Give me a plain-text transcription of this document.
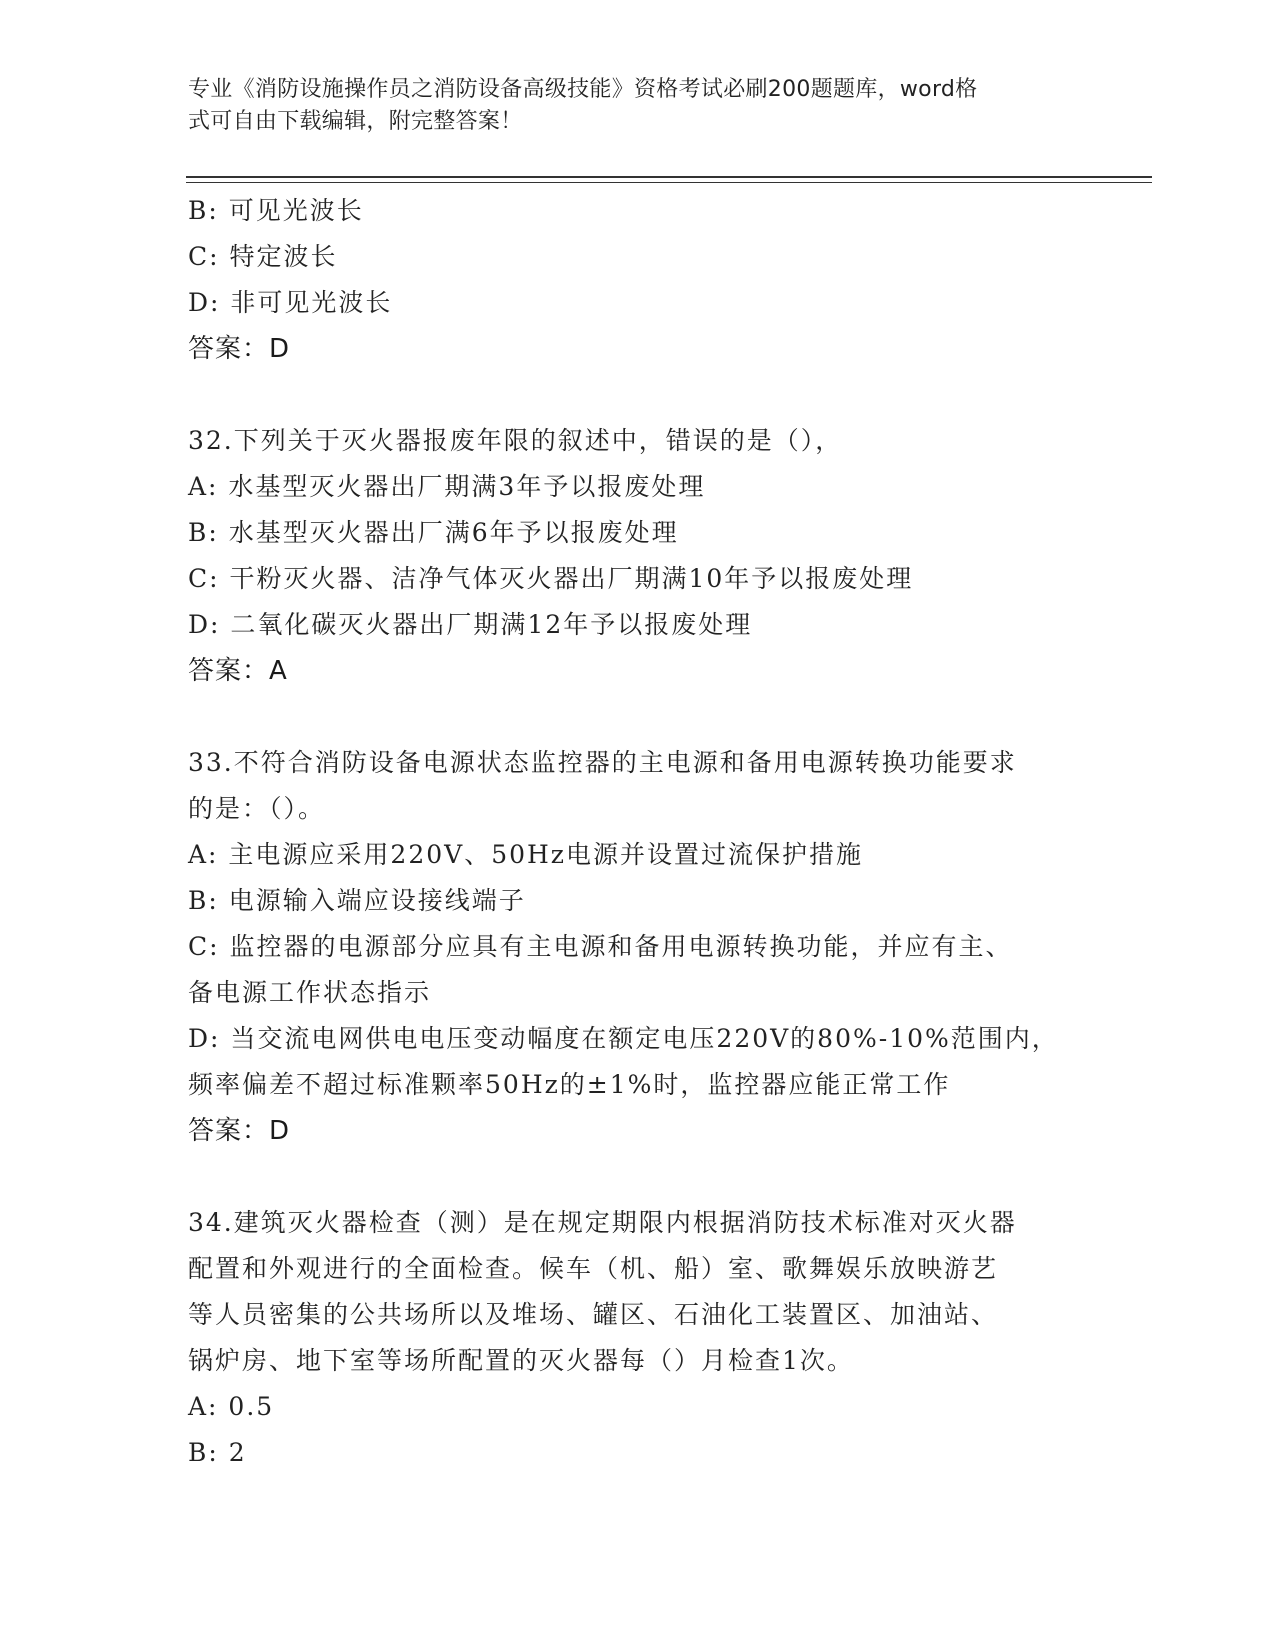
专业《消防设施操作员之消防设备高级技能》资格考试必刷200题题库，word格
式可自由下载编辑，附完整答案！
B: 可见光波长
C: 特定波长
D: 非可见光波长
答案：D
32.下列关于灭火器报废年限的叙述中，错误的是（），
A: 水基型灭火器出厂期满3年予以报废处理
B: 水基型灭火器出厂满6年予以报废处理
C: 干粉灭火器、洁净气体灭火器出厂期满10年予以报废处理
D: 二氧化碳灭火器出厂期满12年予以报废处理
答案：A
33.不符合消防设备电源状态监控器的主电源和备用电源转换功能要求
的是：（）。
A: 主电源应采用220V、50Hz电源并设置过流保护措施
B: 电源输入端应设接线端子
C: 监控器的电源部分应具有主电源和备用电源转换功能，并应有主、
备电源工作状态指示
D: 当交流电网供电电压变动幅度在额定电压220V的80%-10%范围内，
频率偏差不超过标准颗率50Hz的±1%时，监控器应能正常工作
答案：D
34.建筑灭火器检查（测）是在规定期限内根据消防技术标准对灭火器
配置和外观进行的全面检查。候车（机、船）室、歌舞娱乐放映游艺
等人员密集的公共场所以及堆场、罐区、石油化工装置区、加油站、
锅炉房、地下室等场所配置的灭火器每（）月检查1次。
A: 0.5
B: 2
